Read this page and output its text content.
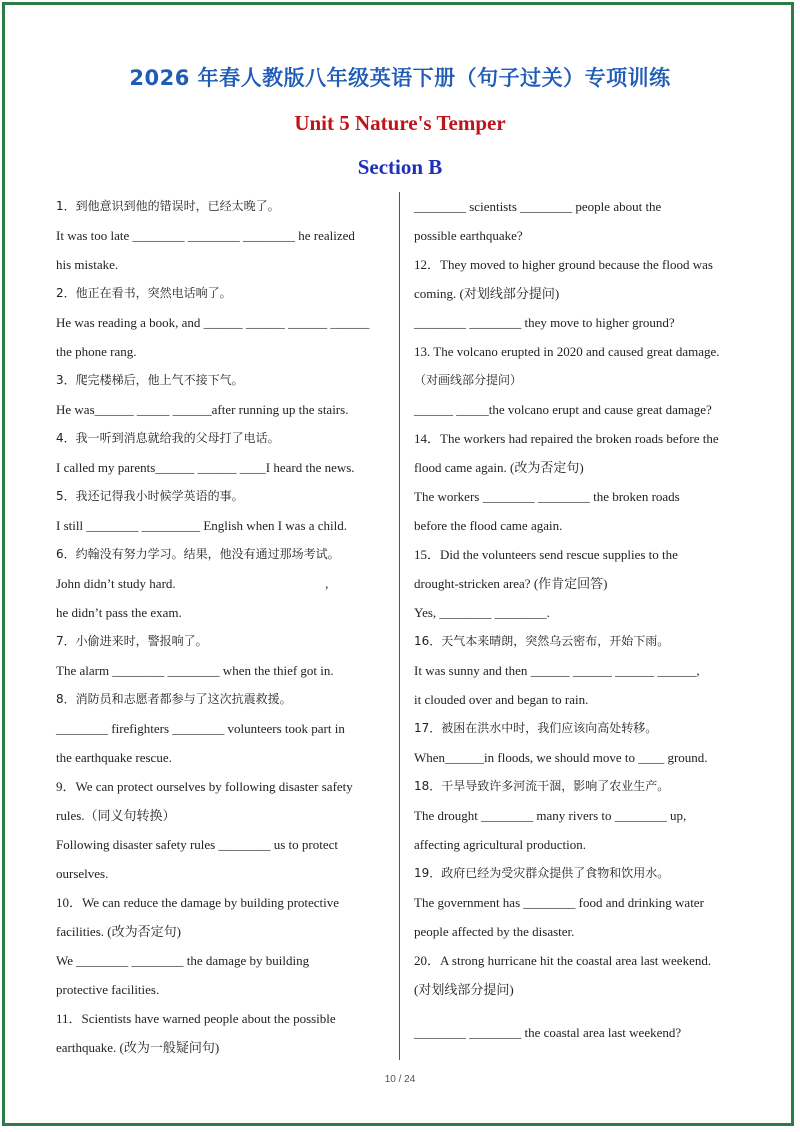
2026 年春人教版八年级英语下册（句子过关）专项训练
Unit 5 Nature's Temper
Section B
1．到他意识到他的错误时，已经太晚了。
It was too late ________ ________ ________ he realized
his mistake.
2．他正在看书，突然电话响了。
He was reading a book, and ______ ______ ______ ______
the phone rang.
3．爬完楼梯后，他上气不接下气。
He was______ _____ ______after running up the stairs.
4．我一听到消息就给我的父母打了电话。
I called my parents______ ______ ____I heard the news.
5．我还记得我小时候学英语的事。
I still ________ _________ English when I was a child.
6．约翰没有努力学习。结果，他没有通过那场考试。
John didn’t study hard.                                              ,
he didn’t pass the exam.
7．小偷进来时，警报响了。
The alarm ________ ________ when the thief got in.
8．消防员和志愿者都参与了这次抗震救援。
________ firefighters ________ volunteers took part in
the earthquake rescue.
9．We can protect ourselves by following disaster safety
rules.（同义句转换）
Following disaster safety rules ________ us to protect
ourselves.
10．We can reduce the damage by building protective
facilities. (改为否定句)
We ________ ________ the damage by building
protective facilities.
11．Scientists have warned people about the possible
earthquake. (改为一般疑问句)
________ scientists ________ people about the
possible earthquake?
12．They moved to higher ground because the flood was
coming. (对划线部分提问)
________ ________ they move to higher ground?
13. The volcano erupted in 2020 and caused great damage.
（对画线部分提问）
______ _____the volcano erupt and cause great damage?
14．The workers had repaired the broken roads before the
flood came again. (改为否定句)
The workers ________ ________ the broken roads
before the flood came again.
15．Did the volunteers send rescue supplies to the
drought-stricken area? (作肯定回答)
Yes, ________ ________.
16．天气本来晴朗，突然乌云密布，开始下雨。
It was sunny and then ______ ______ ______ ______,
it clouded over and began to rain.
17．被困在洪水中时，我们应该向高处转移。
When______in floods, we should move to ____ ground.
18．干旱导致许多河流干涸，影响了农业生产。
The drought ________ many rivers to ________ up,
affecting agricultural production.
19．政府已经为受灾群众提供了食物和饮用水。
The government has ________ food and drinking water
people affected by the disaster.
20．A strong hurricane hit the coastal area last weekend.
(对划线部分提问)
________ ________ the coastal area last weekend?
10 / 24
